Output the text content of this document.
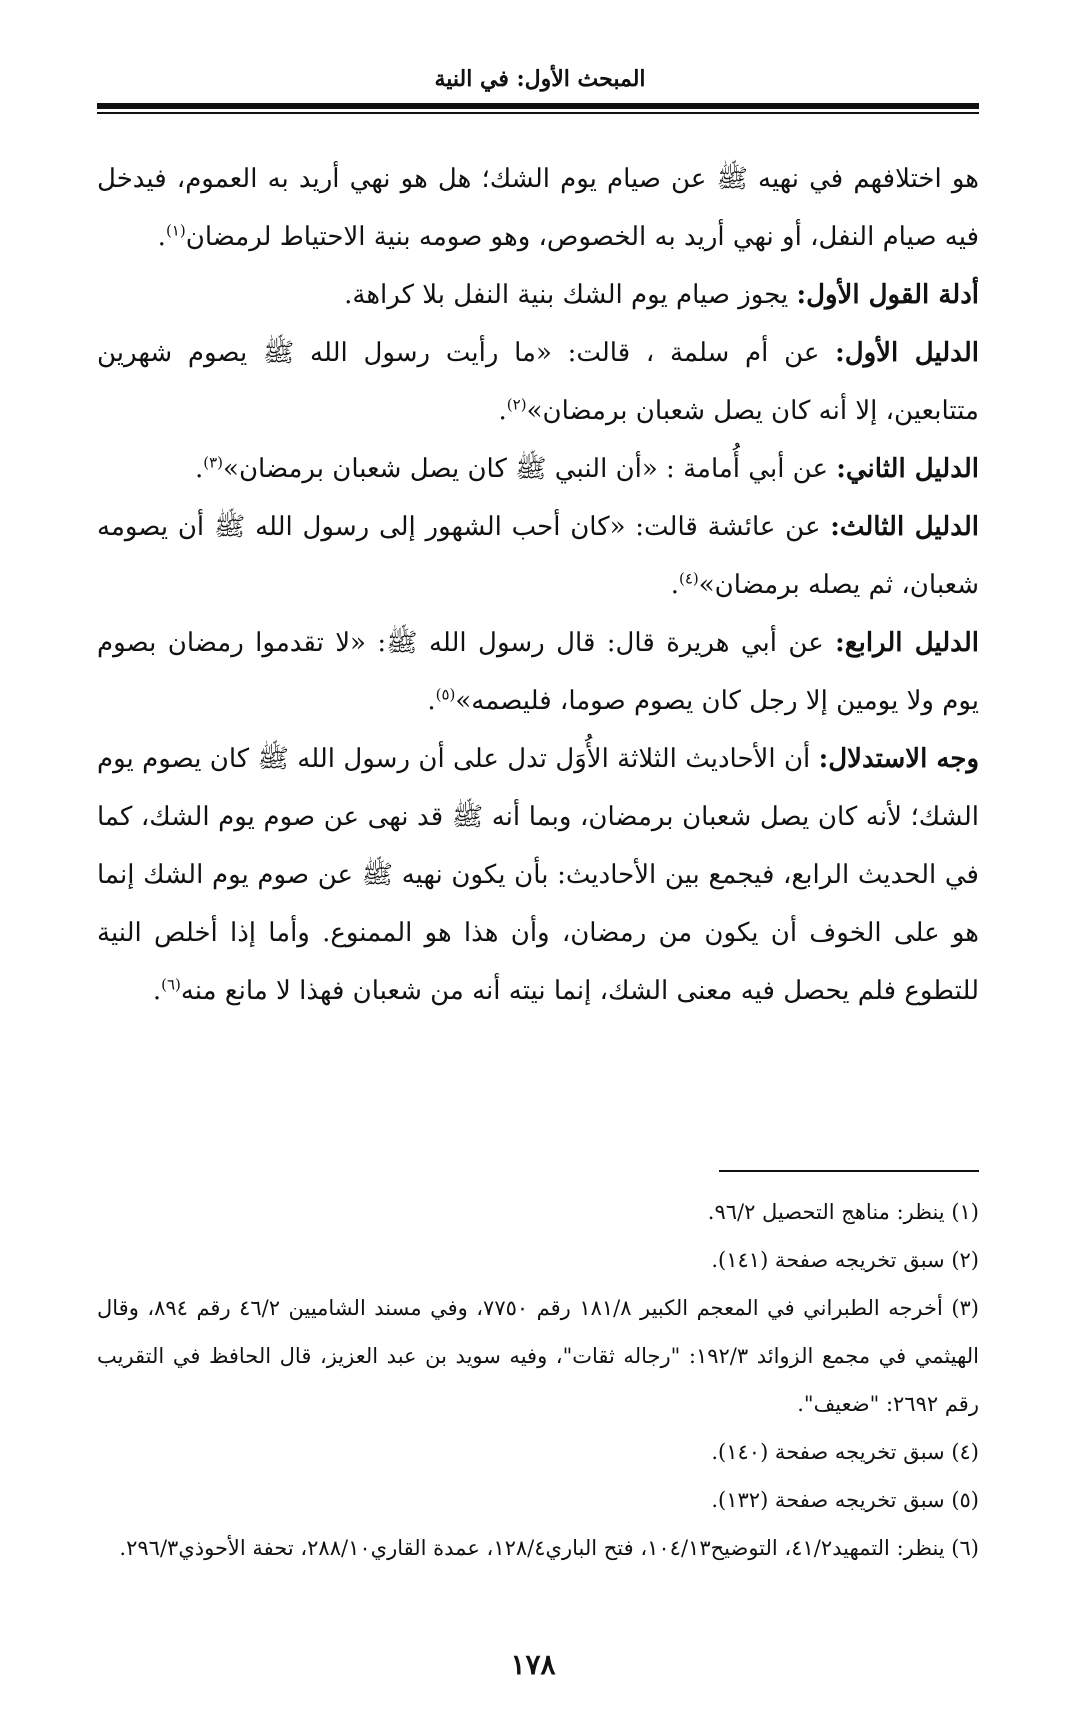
المبحث الأول: في النية

هو اختلافهم في نهيه ﷺ عن صيام يوم الشك؛ هل هو نهي أريد به العموم، فيدخل فيه صيام النفل، أو نهي أريد به الخصوص، وهو صومه بنية الاحتياط لرمضان$^{(١)}$.

أدلة القول الأول: يجوز صيام يوم الشك بنية النفل بلا كراهة.

الدليل الأول: عن أم سلمة ، قالت: «ما رأيت رسول الله ﷺ يصوم شهرين متتابعين، إلا أنه كان يصل شعبان برمضان»$^{(٢)}$.

الدليل الثاني: عن أبي أُمامة : «أن النبي ﷺ كان يصل شعبان برمضان»$^{(٣)}$.

الدليل الثالث: عن عائشة قالت: «كان أحب الشهور إلى رسول الله ﷺ أن يصومه شعبان، ثم يصله برمضان»$^{(٤)}$.

الدليل الرابع: عن أبي هريرة قال: قال رسول الله ﷺ: «لا تقدموا رمضان بصوم يوم ولا يومين إلا رجل كان يصوم صوما، فليصمه»$^{(٥)}$.

وجه الاستدلال: أن الأحاديث الثلاثة الأُوَل تدل على أن رسول الله ﷺ كان يصوم يوم الشك؛ لأنه كان يصل شعبان برمضان، وبما أنه ﷺ قد نهى عن صوم يوم الشك، كما في الحديث الرابع، فيجمع بين الأحاديث: بأن يكون نهيه ﷺ عن صوم يوم الشك إنما هو على الخوف أن يكون من رمضان، وأن هذا هو الممنوع. وأما إذا أخلص النية للتطوع فلم يحصل فيه معنى الشك، إنما نيته أنه من شعبان فهذا لا مانع منه$^{(٦)}$.

(١) ينظر: مناهج التحصيل ٩٦/٢.

(٢) سبق تخريجه صفحة (١٤١).

(٣) أخرجه الطبراني في المعجم الكبير ١٨١/٨ رقم ٧٧٥٠، وفي مسند الشاميين ٤٦/٢ رقم ٨٩٤، وقال الهيثمي في مجمع الزوائد ١٩٢/٣: "رجاله ثقات"، وفيه سويد بن عبد العزيز، قال الحافظ في التقريب رقم ٢٦٩٢: "ضعيف".

(٤) سبق تخريجه صفحة (١٤٠).

(٥) سبق تخريجه صفحة (١٣٢).

(٦) ينظر: التمهيد٤١/٢، التوضيح١٠٤/١٣، فتح الباري١٢٨/٤، عمدة القاري٢٨٨/١٠، تحفة الأحوذي٢٩٦/٣.

١٧٨
